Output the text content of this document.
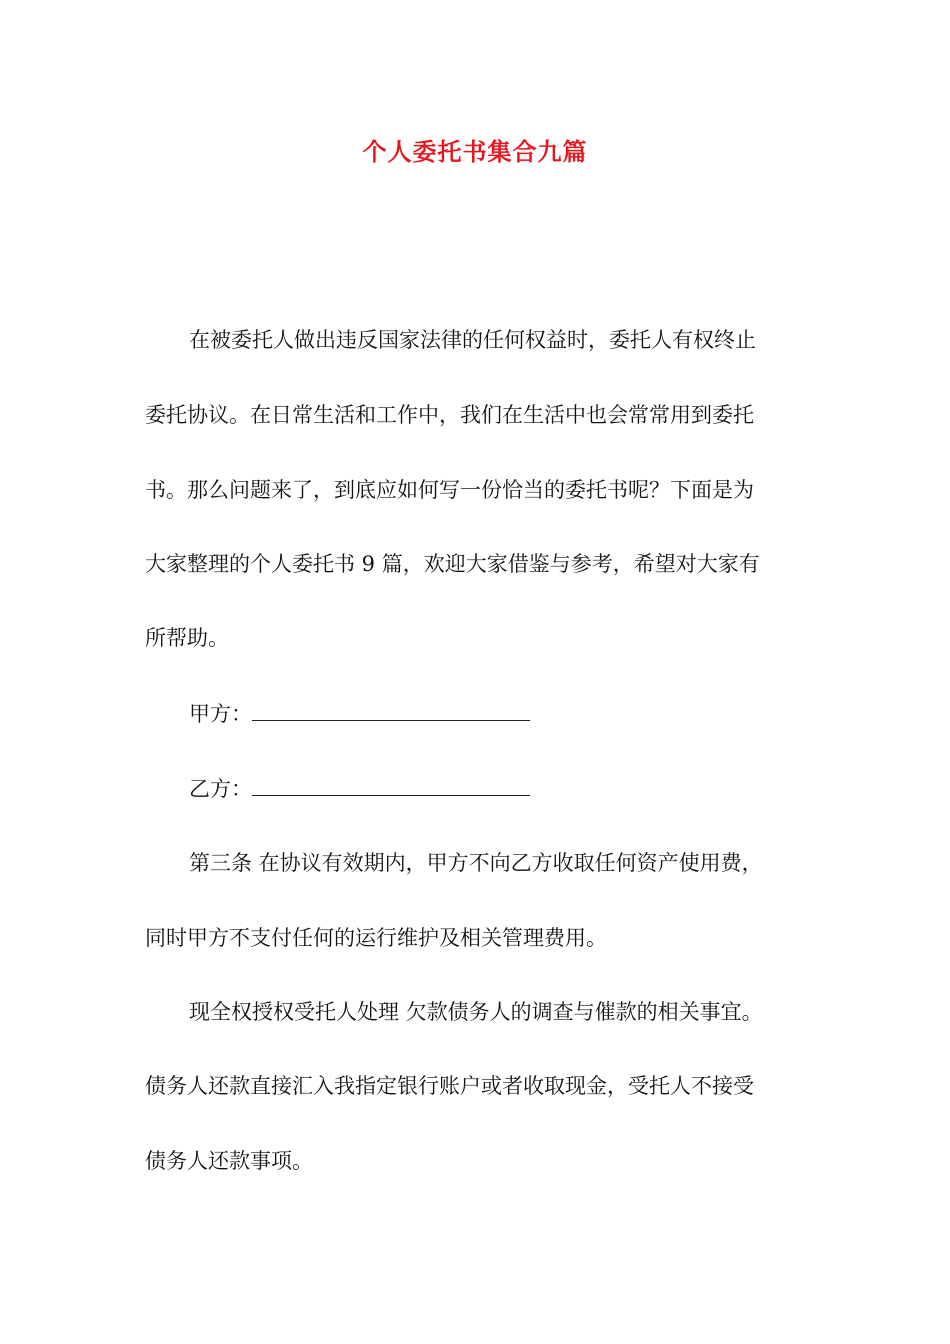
个人委托书集合九篇
在被委托人做出违反国家法律的任何权益时，委托人有权终止
委托协议。在日常生活和工作中，我们在生活中也会常常用到委托
书。那么问题来了，到底应如何写一份恰当的委托书呢？下面是为
大家整理的个人委托书 9 篇，欢迎大家借鉴与参考，希望对大家有
所帮助。
甲方：
乙方：
第三条 在协议有效期内，甲方不向乙方收取任何资产使用费，
同时甲方不支付任何的运行维护及相关管理费用。
现全权授权受托人处理 欠款债务人的调查与催款的相关事宜。
债务人还款直接汇入我指定银行账户或者收取现金，受托人不接受
债务人还款事项。
